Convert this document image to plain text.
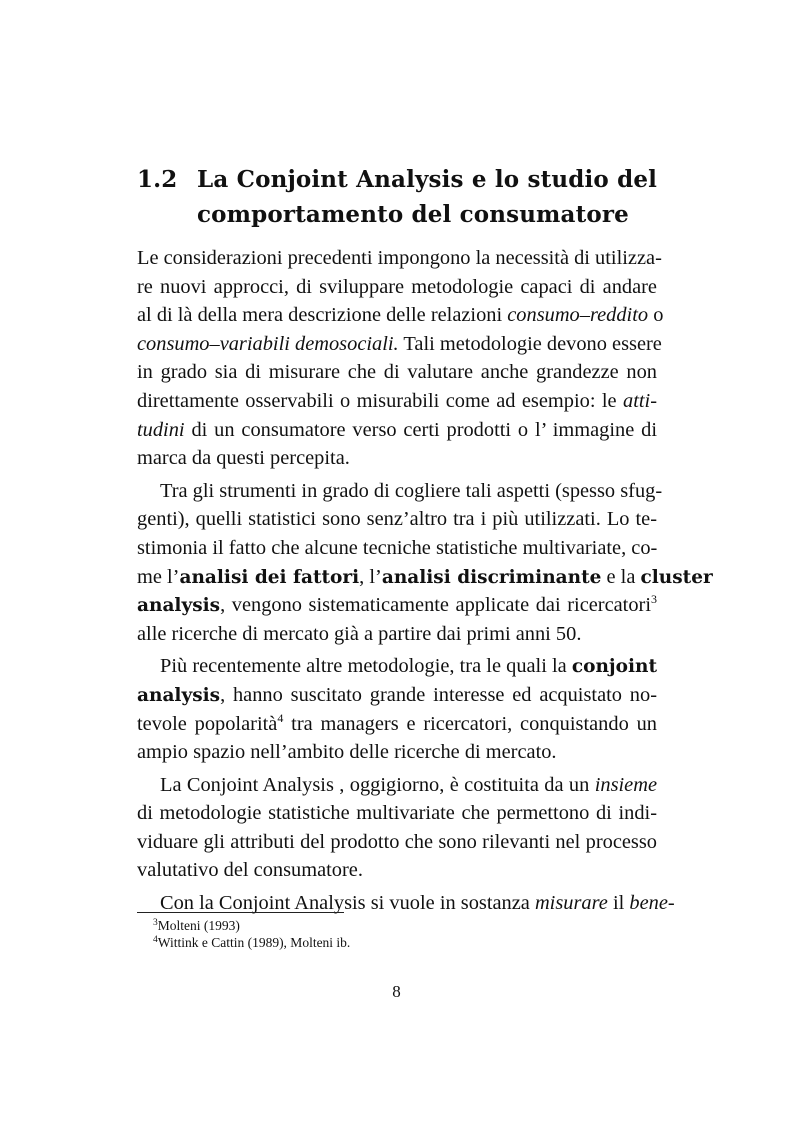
1.2 La Conjoint Analysis e lo studio del comportamento del consumatore
Le considerazioni precedenti impongono la necessità di utilizza-
re nuovi approcci, di sviluppare metodologie capaci di andare
al di là della mera descrizione delle relazioni consumo–reddito o
consumo–variabili demosociali. Tali metodologie devono essere
in grado sia di misurare che di valutare anche grandezze non
direttamente osservabili o misurabili come ad esempio: le atti-
tudini di un consumatore verso certi prodotti o l’ immagine di
marca da questi percepita.
Tra gli strumenti in grado di cogliere tali aspetti (spesso sfug-
genti), quelli statistici sono senz’altro tra i più utilizzati. Lo te-
stimonia il fatto che alcune tecniche statistiche multivariate, co-
me l’analisi dei fattori, l’analisi discriminante e la cluster
analysis, vengono sistematicamente applicate dai ricercatori$^3$
alle ricerche di mercato già a partire dai primi anni 50.
Più recentemente altre metodologie, tra le quali la conjoint
analysis, hanno suscitato grande interesse ed acquistato no-
tevole popolarità$^4$ tra managers e ricercatori, conquistando un
ampio spazio nell’ambito delle ricerche di mercato.
La Conjoint Analysis , oggigiorno, è costituita da un insieme
di metodologie statistiche multivariate che permettono di indi-
viduare gli attributi del prodotto che sono rilevanti nel processo
valutativo del consumatore.
Con la Conjoint Analysis si vuole in sostanza misurare il bene-
$^3$Molteni (1993)
$^4$Wittink e Cattin (1989), Molteni ib.
8
